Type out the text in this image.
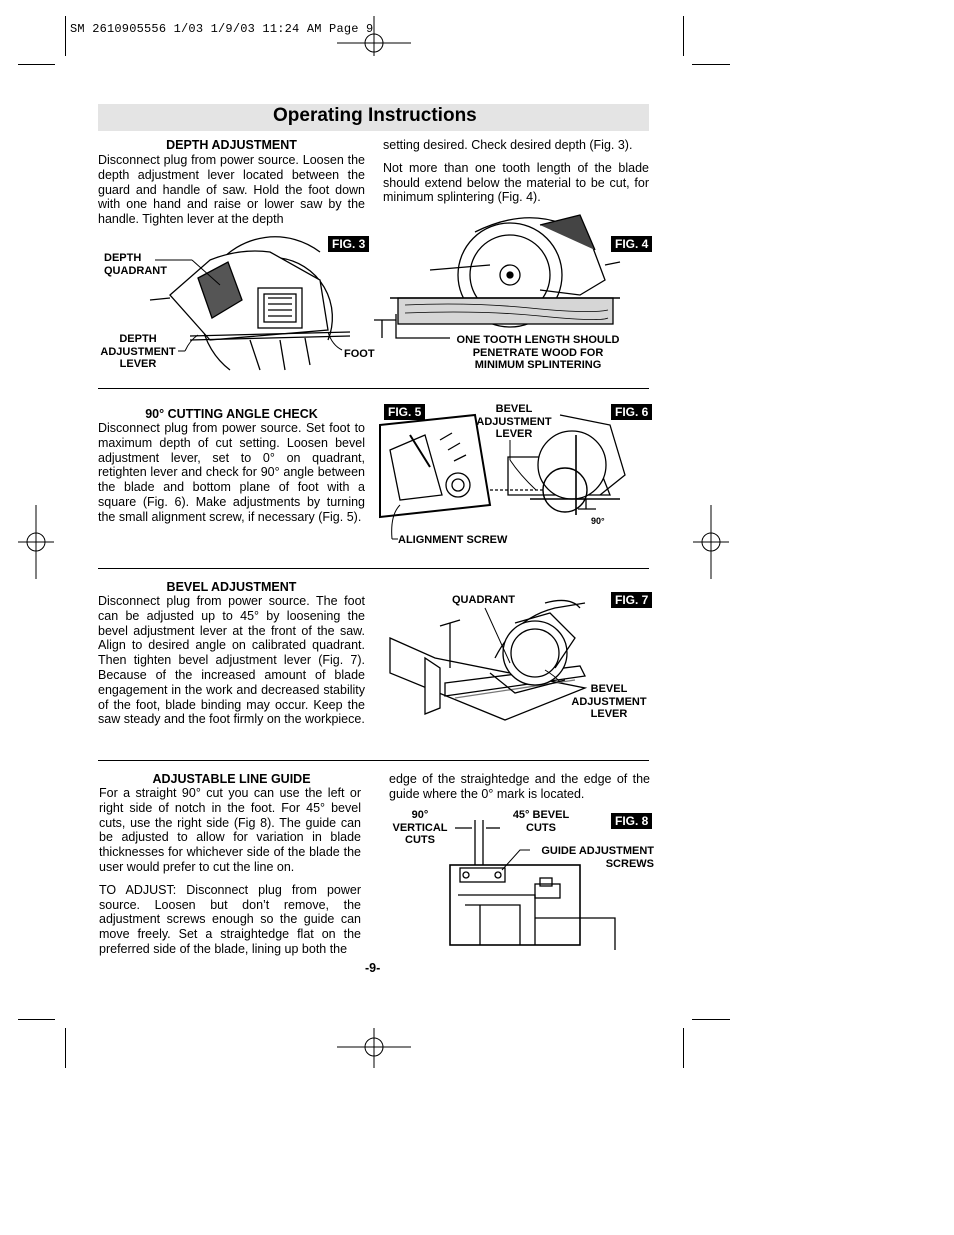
SM 2610905556 1/03 1/9/03 11:24 AM Page 9
Operating Instructions
DEPTH ADJUSTMENT
Disconnect plug from power source. Loosen the depth adjustment lever located between the guard and handle of saw. Hold the foot down with one hand and raise or lower saw by the handle. Tighten lever at the depth

setting desired. Check desired depth (Fig. 3).

Not more than one tooth length of the blade should extend below the material to be cut, for minimum splintering (Fig. 4).

FIG. 3	FIG. 4
DEPTH QUADRANT
DEPTH ADJUSTMENT LEVER
FOOT
ONE TOOTH LENGTH SHOULD PENETRATE WOOD FOR MINIMUM SPLINTERING
90° CUTTING ANGLE CHECK
Disconnect plug from power source. Set foot to maximum depth of cut setting. Loosen bevel adjustment lever, set to 0° on quadrant, retighten lever and check for 90° angle between the blade and bottom plane of foot with a square (Fig. 6). Make adjustments by turning the small alignment screw, if necessary (Fig. 5).
FIG. 5	FIG. 6
BEVEL ADJUSTMENT LEVER
ALIGNMENT SCREW
90°
BEVEL ADJUSTMENT
Disconnect plug from power source. The foot can be adjusted up to 45° by loosening the bevel adjustment lever at the front of the saw. Align to desired angle on calibrated quadrant. Then tighten bevel adjustment lever (Fig. 7). Because of the increased amount of blade engagement in the work and decreased stability of the foot, blade binding may occur. Keep the saw steady and the foot firmly on the workpiece.
FIG. 7
QUADRANT
BEVEL ADJUSTMENT LEVER
ADJUSTABLE LINE GUIDE

For a straight 90° cut you can use the left or right side of notch in the foot. For 45° bevel cuts, use the right side (Fig 8). The guide can be adjusted to allow for variation in blade thicknesses for whichever side of the blade the user would prefer to cut the line on.

TO ADJUST: Disconnect plug from power source. Loosen but don’t remove, the adjustment screws enough so the guide can move freely. Set a straightedge flat on the preferred side of the blade, lining up both the

edge of the straightedge and the edge of the guide where the 0° mark is located.
FIG. 8
90° VERTICAL CUTS
45° BEVEL CUTS
GUIDE ADJUSTMENT SCREWS
-9-
